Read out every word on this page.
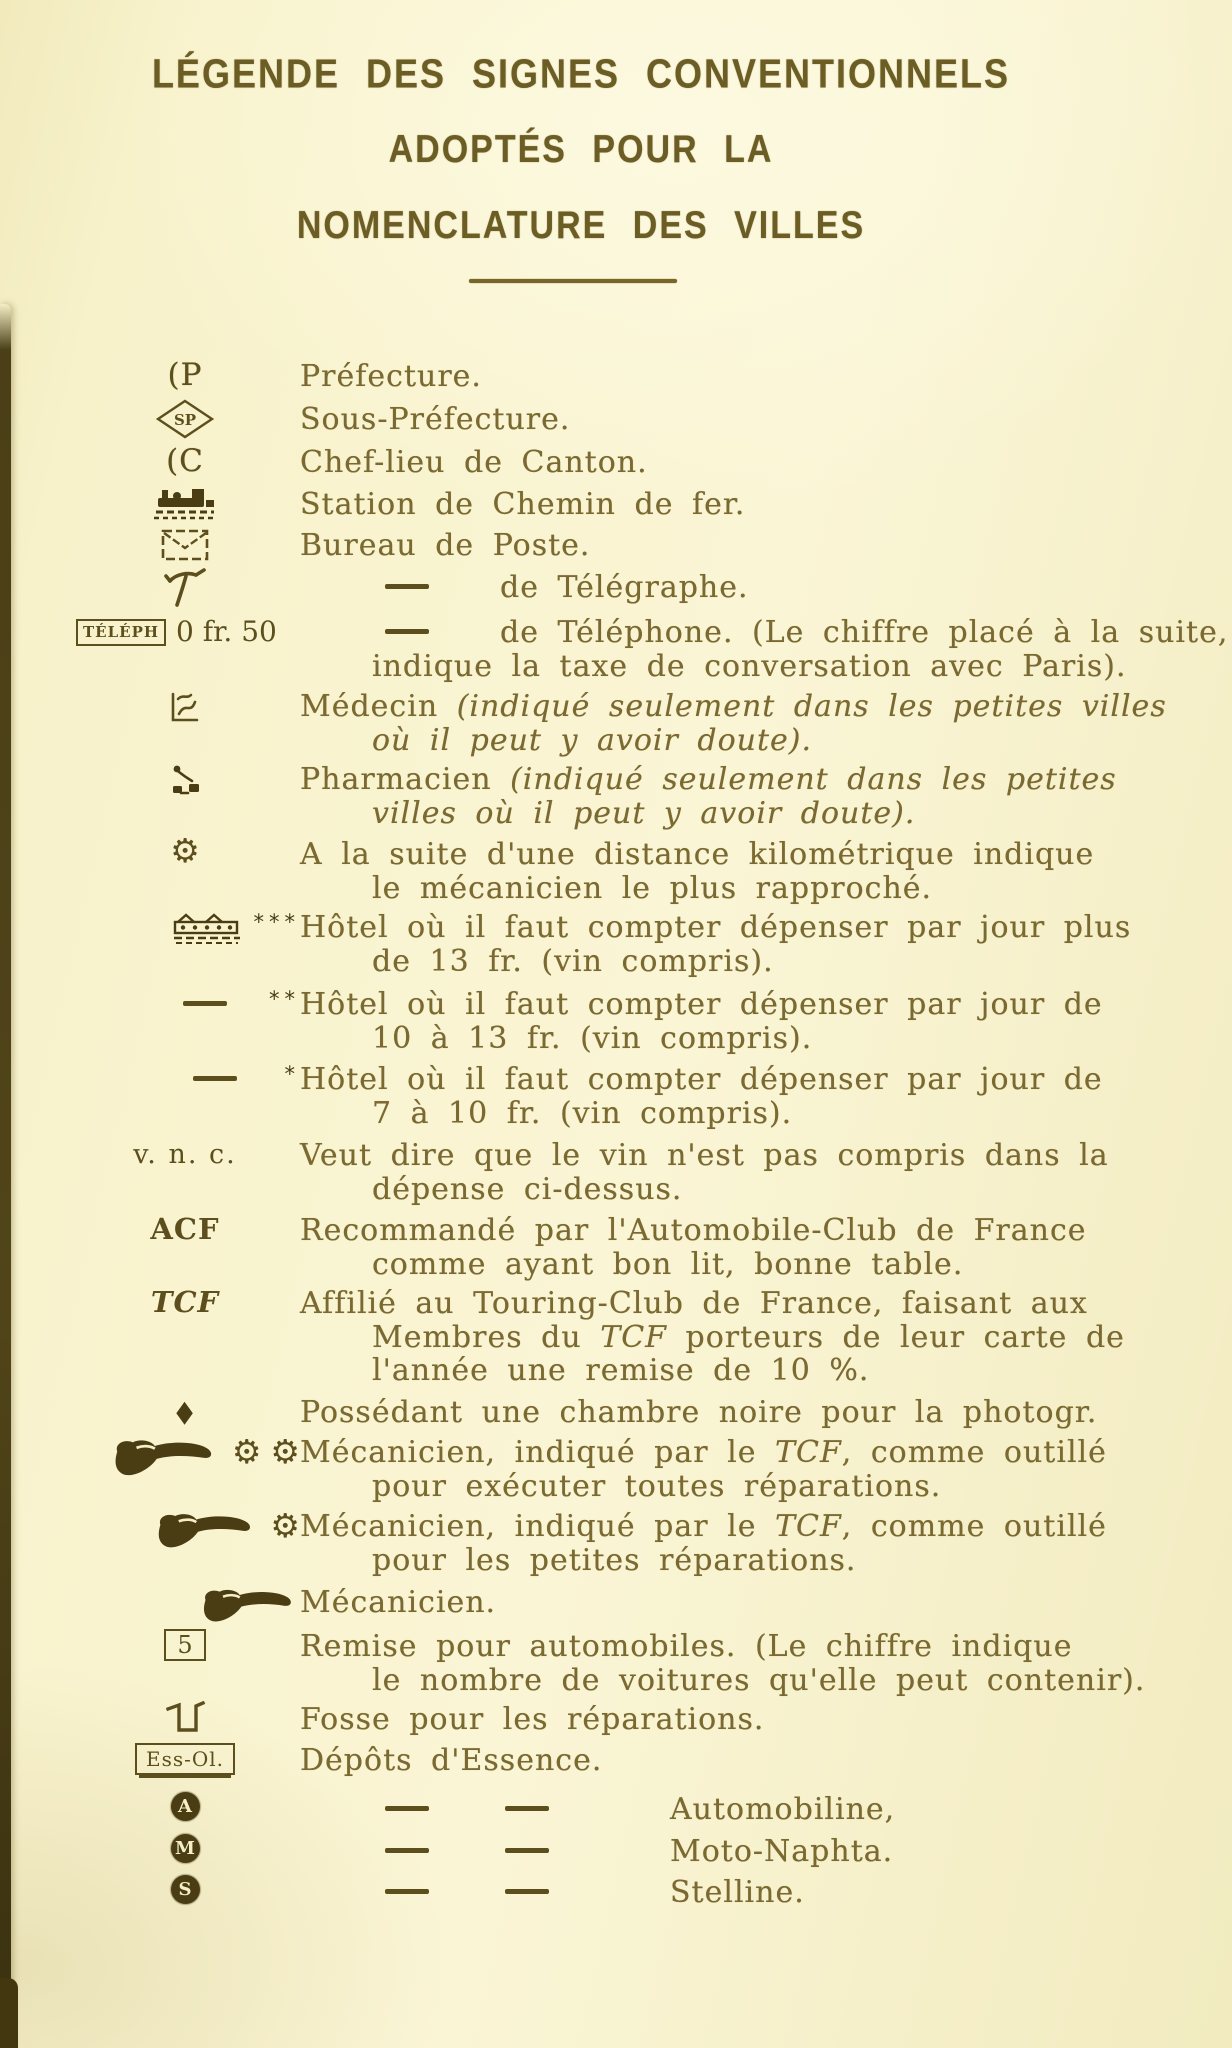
LÉGENDE DES SIGNES CONVENTIONNELS
ADOPTÉS POUR LA
NOMENCLATURE DES VILLES
(P	Préfecture.
SP	Sous-Préfecture.
(C	Chef-lieu de Canton.
Station de Chemin de fer.
Bureau de Poste.
de Télégraphe.
TÉLÉPH 0 fr. 50	de Téléphone. (Le chiffre placé à la suite,
indique la taxe de conversation avec Paris).
Médecin (indiqué seulement dans les petites villes
où il peut y avoir doute).
Pharmacien (indiqué seulement dans les petites
villes où il peut y avoir doute).
⚙	A la suite d'une distance kilométrique indique
le mécanicien le plus rapproché.
*** Hôtel où il faut compter dépenser par jour plus
de 13 fr. (vin compris).
** Hôtel où il faut compter dépenser par jour de
10 à 13 fr. (vin compris).
* Hôtel où il faut compter dépenser par jour de
7 à 10 fr. (vin compris).
v. n. c.	Veut dire que le vin n'est pas compris dans la
dépense ci-dessus.
ACF	Recommandé par l'Automobile-Club de France
comme ayant bon lit, bonne table.
TCF	Affilié au Touring-Club de France, faisant aux
Membres du TCF porteurs de leur carte de
l'année une remise de 10 %.
◆	Possédant une chambre noire pour la photogr.
⚙ ⚙ Mécanicien, indiqué par le TCF, comme outillé
pour exécuter toutes réparations.
⚙ Mécanicien, indiqué par le TCF, comme outillé
pour les petites réparations.
Mécanicien.
5	Remise pour automobiles. (Le chiffre indique
le nombre de voitures qu'elle peut contenir).
Fosse pour les réparations.
Ess-Ol.	Dépôts d'Essence.
A	Automobiline,
M	Moto-Naphta.
S	Stelline.
